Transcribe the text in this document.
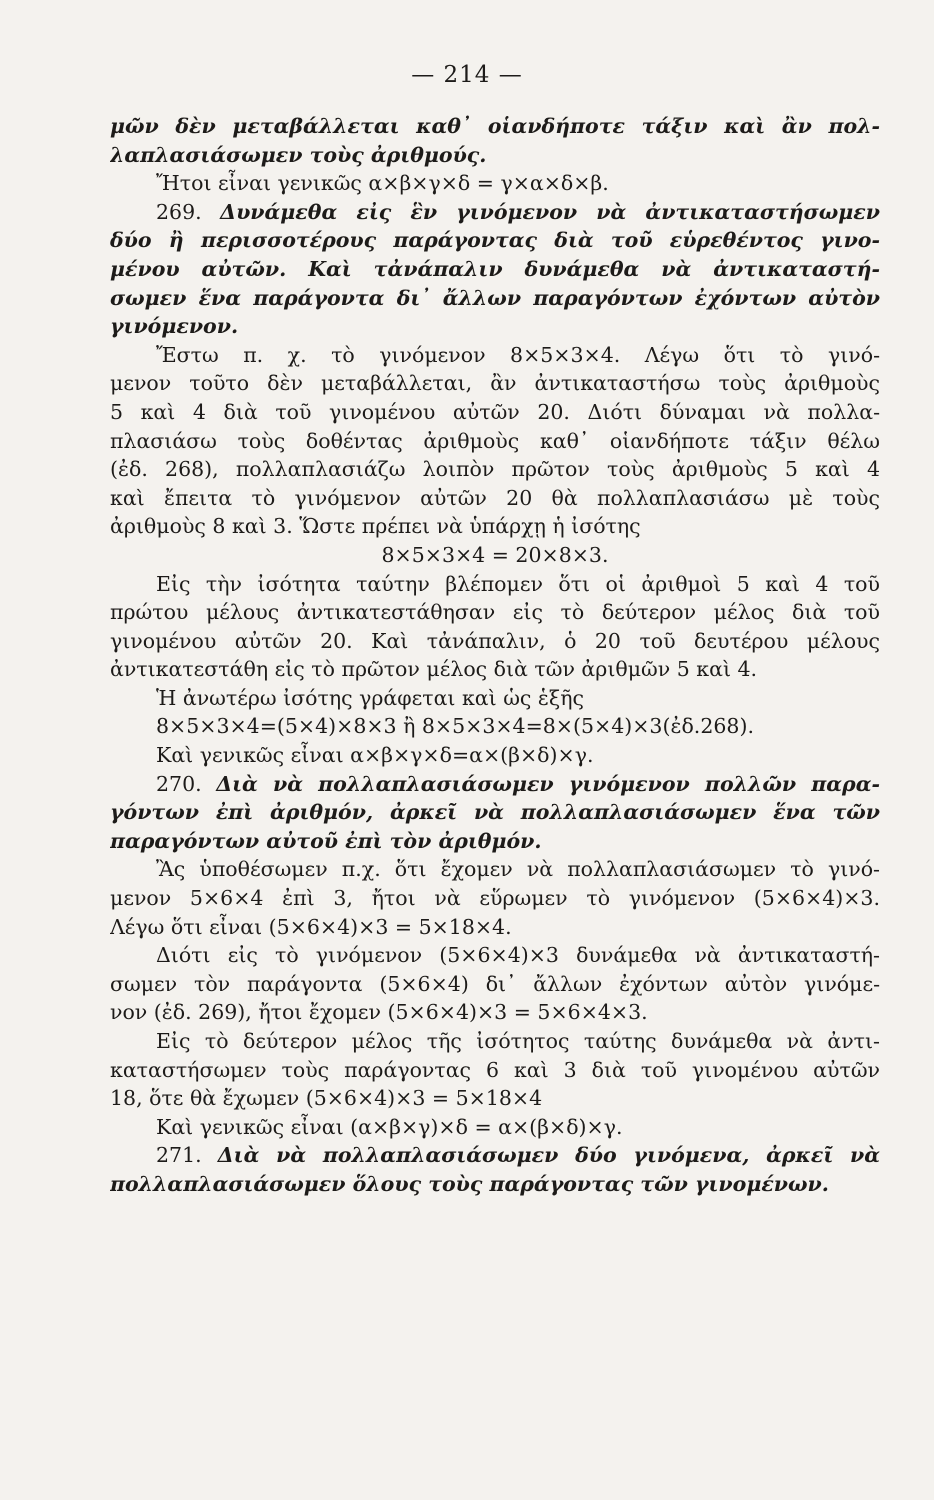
— 214 —
μῶν δὲν μεταβάλλεται καθ᾽ οἱανδήποτε τάξιν καὶ ἂν πολ-
λαπλασιάσωμεν τοὺς ἀριθμούς.
Ἤτοι εἶναι γενικῶς α×β×γ×δ = γ×α×δ×β.
269. Δυνάμεθα εἰς ἓν γινόμενον νὰ ἀντικαταστήσωμεν
δύο ἢ περισσοτέρους παράγοντας διὰ τοῦ εὑρεθέντος γινο-
μένου αὐτῶν. Καὶ τἀνάπαλιν δυνάμεθα νὰ ἀντικαταστή-
σωμεν ἕνα παράγοντα δι᾽ ἄλλων παραγόντων ἐχόντων αὐτὸν
γινόμενον.
Ἔστω π. χ. τὸ γινόμενον 8×5×3×4. Λέγω ὅτι τὸ γινό-
μενον τοῦτο δὲν μεταβάλλεται, ἂν ἀντικαταστήσω τοὺς ἀριθμοὺς
5 καὶ 4 διὰ τοῦ γινομένου αὐτῶν 20. Διότι δύναμαι νὰ πολλα-
πλασιάσω τοὺς δοθέντας ἀριθμοὺς καθ᾽ οἱανδήποτε τάξιν θέλω
(ἐδ. 268), πολλαπλασιάζω λοιπὸν πρῶτον τοὺς ἀριθμοὺς 5 καὶ 4
καὶ ἔπειτα τὸ γινόμενον αὐτῶν 20 θὰ πολλαπλασιάσω μὲ τοὺς
ἀριθμοὺς 8 καὶ 3. Ὥστε πρέπει νὰ ὑπάρχῃ ἡ ἰσότης
8×5×3×4 = 20×8×3.
Εἰς τὴν ἰσότητα ταύτην βλέπομεν ὅτι οἱ ἀριθμοὶ 5 καὶ 4 τοῦ
πρώτου μέλους ἀντικατεστάθησαν εἰς τὸ δεύτερον μέλος διὰ τοῦ
γινομένου αὐτῶν 20. Καὶ τἀνάπαλιν, ὁ 20 τοῦ δευτέρου μέλους
ἀντικατεστάθη εἰς τὸ πρῶτον μέλος διὰ τῶν ἀριθμῶν 5 καὶ 4.
Ἡ ἀνωτέρω ἰσότης γράφεται καὶ ὡς ἑξῆς
8×5×3×4=(5×4)×8×3 ἢ 8×5×3×4=8×(5×4)×3(ἐδ.268).
Καὶ γενικῶς εἶναι α×β×γ×δ=α×(β×δ)×γ.
270. Διὰ νὰ πολλαπλασιάσωμεν γινόμενον πολλῶν παρα-
γόντων ἐπὶ ἀριθμόν, ἀρκεῖ νὰ πολλαπλασιάσωμεν ἕνα τῶν
παραγόντων αὐτοῦ ἐπὶ τὸν ἀριθμόν.
Ἂς ὑποθέσωμεν π.χ. ὅτι ἔχομεν νὰ πολλαπλασιάσωμεν τὸ γινό-
μενον 5×6×4 ἐπὶ 3, ἤτοι νὰ εὕρωμεν τὸ γινόμενον (5×6×4)×3.
Λέγω ὅτι εἶναι (5×6×4)×3 = 5×18×4.
Διότι εἰς τὸ γινόμενον (5×6×4)×3 δυνάμεθα νὰ ἀντικαταστή-
σωμεν τὸν παράγοντα (5×6×4) δι᾽ ἄλλων ἐχόντων αὐτὸν γινόμε-
νον (ἐδ. 269), ἤτοι ἔχομεν (5×6×4)×3 = 5×6×4×3.
Εἰς τὸ δεύτερον μέλος τῆς ἰσότητος ταύτης δυνάμεθα νὰ ἀντι-
καταστήσωμεν τοὺς παράγοντας 6 καὶ 3 διὰ τοῦ γινομένου αὐτῶν
18, ὅτε θὰ ἔχωμεν (5×6×4)×3 = 5×18×4
Καὶ γενικῶς εἶναι (α×β×γ)×δ = α×(β×δ)×γ.
271. Διὰ νὰ πολλαπλασιάσωμεν δύο γινόμενα, ἀρκεῖ νὰ
πολλαπλασιάσωμεν ὅλους τοὺς παράγοντας τῶν γινομένων.
